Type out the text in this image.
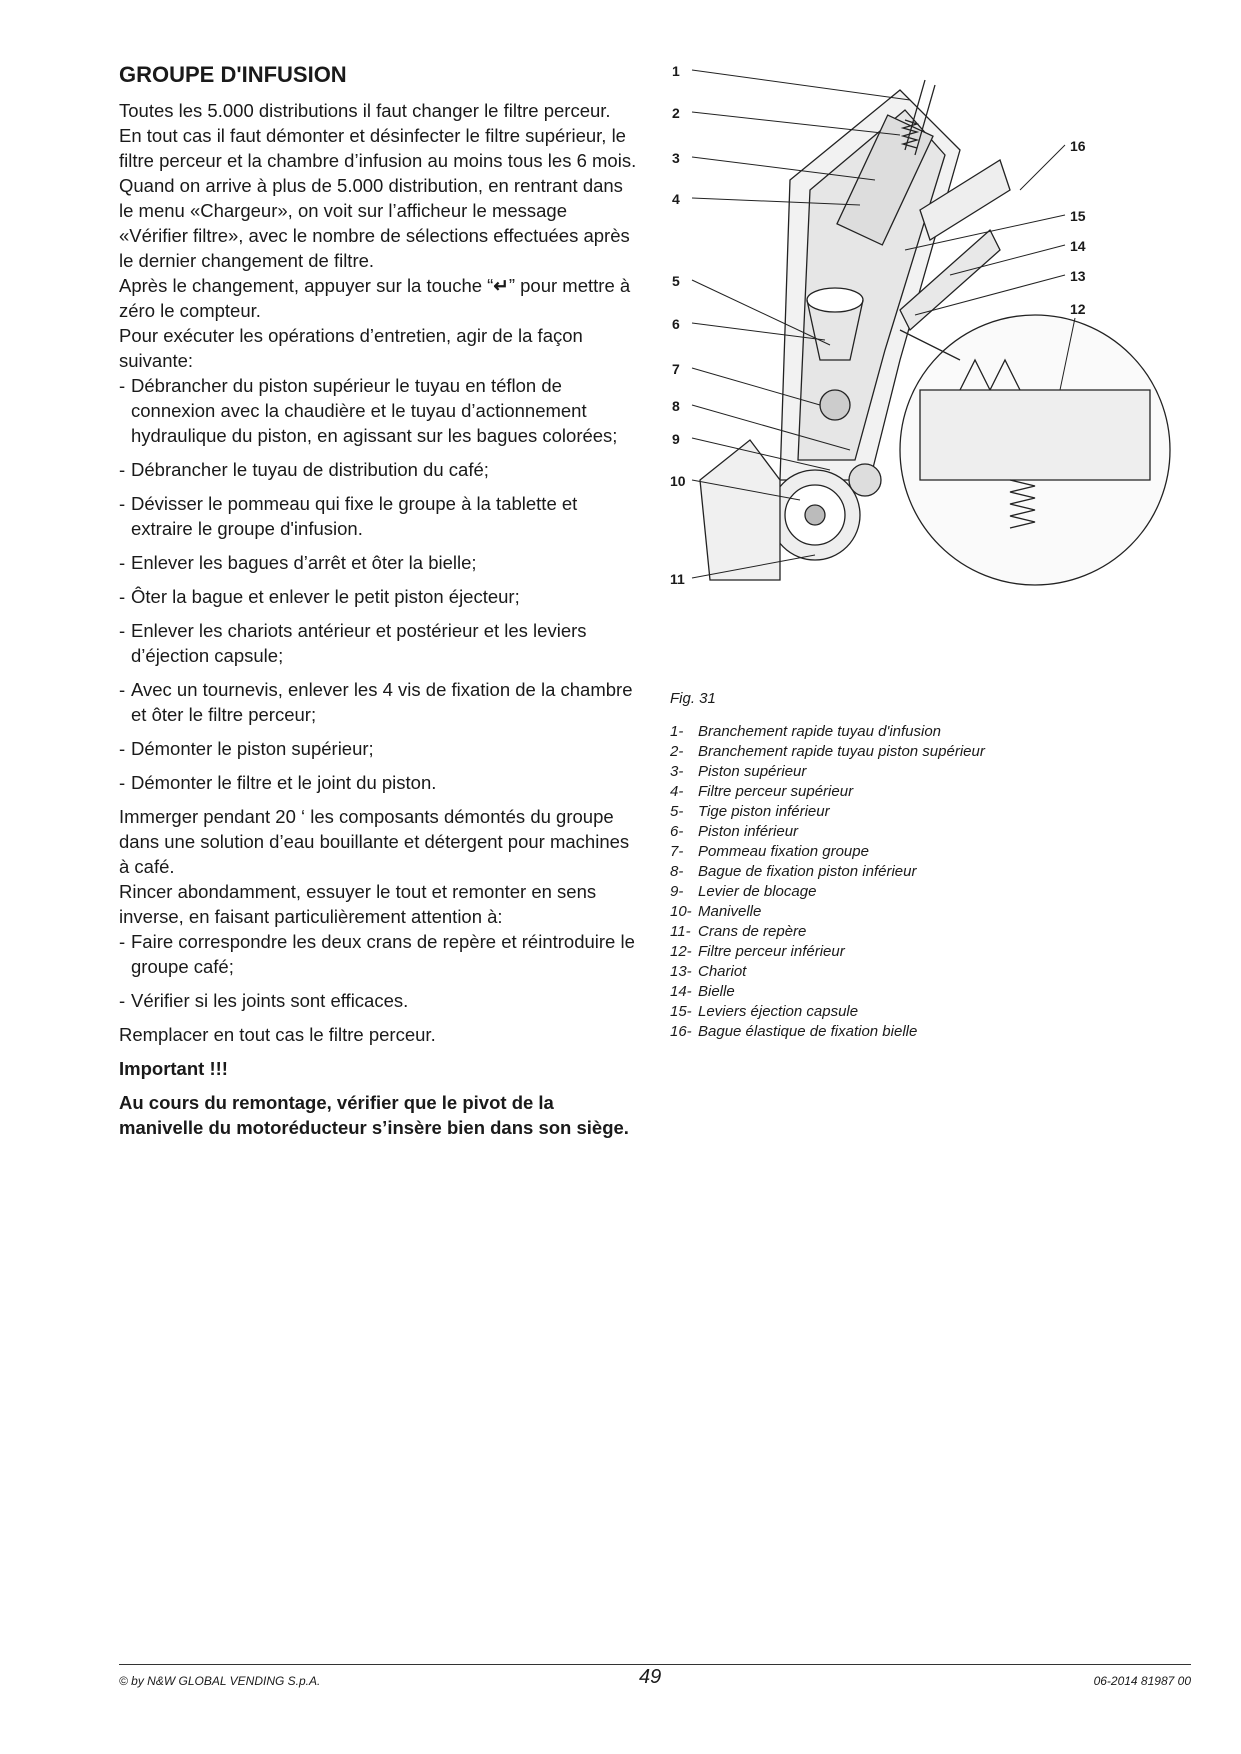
GROUPE D'INFUSION

Toutes les 5.000 distributions il faut changer le filtre perceur.

En tout cas il faut démonter et désinfecter le filtre supérieur, le filtre perceur et la chambre d’infusion au moins tous les 6 mois.

Quand on arrive à plus de 5.000 distribution, en rentrant dans le menu «Chargeur», on voit sur l’afficheur le message «Vérifier filtre», avec le nombre de sélections effectuées après le dernier changement de filtre.

Après le changement, appuyer sur la touche “↵” pour mettre à zéro le compteur.

Pour exécuter les opérations d’entretien, agir de la façon suivante:

- Débrancher du piston supérieur le tuyau en téflon de connexion avec la chaudière et le tuyau d’actionnement hydraulique du piston, en agissant sur les bagues colorées;
- Débrancher le tuyau de distribution du café;
- Dévisser le pommeau qui fixe le groupe à la tablette et extraire le groupe d'infusion.
- Enlever les bagues d’arrêt et ôter la bielle;
- Ôter la bague et enlever le petit piston éjecteur;
- Enlever les chariots antérieur et postérieur et les leviers d’éjection capsule;
- Avec un tournevis, enlever les 4 vis de fixation de la chambre et ôter le filtre perceur;
- Démonter le piston supérieur;
- Démonter le filtre et le joint du piston.

Immerger pendant 20 ‘ les composants démontés du groupe dans une solution d’eau bouillante et détergent pour machines à café.

Rincer abondamment, essuyer le tout et remonter en sens inverse, en faisant particulièrement attention à:

- Faire correspondre les deux crans de repère et réintroduire le groupe café;
- Vérifier si les joints sont efficaces.

Remplacer en tout cas le filtre perceur.

Important !!!

Au cours du remontage, vérifier que le pivot de la manivelle du motoréducteur s’insère bien dans son siège.

1
2
3
4
5
6
7
8
9
10
11
16
15
14
13
12
Fig. 31
1- Branchement rapide tuyau d'infusion
2- Branchement rapide tuyau piston supérieur
3- Piston supérieur
4- Filtre perceur supérieur
5- Tige piston inférieur
6- Piston inférieur
7- Pommeau fixation groupe
8- Bague de fixation piston inférieur
9- Levier de blocage
10- Manivelle
11- Crans de repère
12- Filtre perceur inférieur
13- Chariot
14- Bielle
15- Leviers éjection capsule
16- Bague élastique de fixation bielle
© by N&W GLOBAL VENDING S.p.A.	49	06-2014 81987 00
